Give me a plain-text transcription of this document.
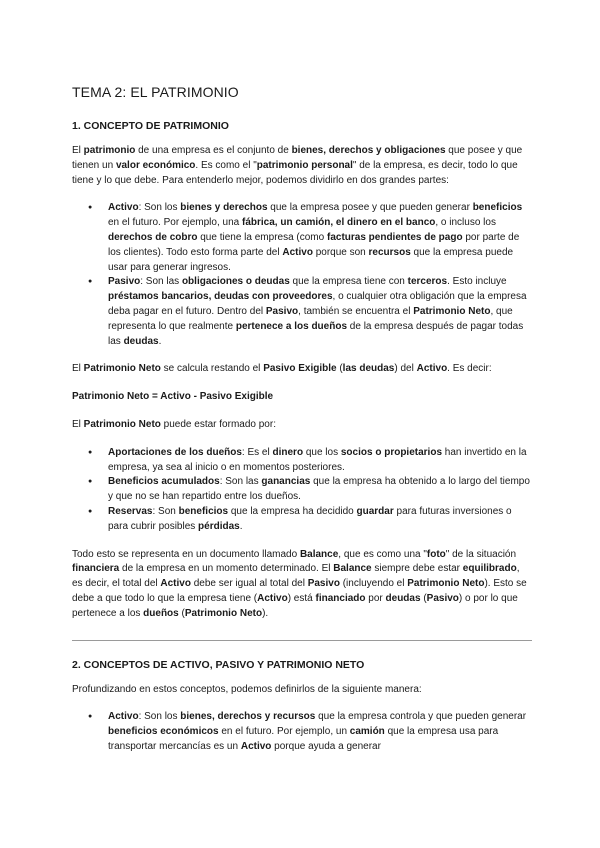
TEMA 2: EL PATRIMONIO
1. CONCEPTO DE PATRIMONIO

El patrimonio de una empresa es el conjunto de bienes, derechos y obligaciones que posee y que tienen un valor económico. Es como el "patrimonio personal" de la empresa, es decir, todo lo que tiene y lo que debe. Para entenderlo mejor, podemos dividirlo en dos grandes partes:

● Activo: Son los bienes y derechos que la empresa posee y que pueden generar beneficios en el futuro. Por ejemplo, una fábrica, un camión, el dinero en el banco, o incluso los derechos de cobro que tiene la empresa (como facturas pendientes de pago por parte de los clientes). Todo esto forma parte del Activo porque son recursos que la empresa puede usar para generar ingresos.
● Pasivo: Son las obligaciones o deudas que la empresa tiene con terceros. Esto incluye préstamos bancarios, deudas con proveedores, o cualquier otra obligación que la empresa deba pagar en el futuro. Dentro del Pasivo, también se encuentra el Patrimonio Neto, que representa lo que realmente pertenece a los dueños de la empresa después de pagar todas las deudas.

El Patrimonio Neto se calcula restando el Pasivo Exigible (las deudas) del Activo. Es decir:

Patrimonio Neto = Activo - Pasivo Exigible

El Patrimonio Neto puede estar formado por:

● Aportaciones de los dueños: Es el dinero que los socios o propietarios han invertido en la empresa, ya sea al inicio o en momentos posteriores.
● Beneficios acumulados: Son las ganancias que la empresa ha obtenido a lo largo del tiempo y que no se han repartido entre los dueños.
● Reservas: Son beneficios que la empresa ha decidido guardar para futuras inversiones o para cubrir posibles pérdidas.

Todo esto se representa en un documento llamado Balance, que es como una "foto" de la situación financiera de la empresa en un momento determinado. El Balance siempre debe estar equilibrado, es decir, el total del Activo debe ser igual al total del Pasivo (incluyendo el Patrimonio Neto). Esto se debe a que todo lo que la empresa tiene (Activo) está financiado por deudas (Pasivo) o por lo que pertenece a los dueños (Patrimonio Neto).

2. CONCEPTOS DE ACTIVO, PASIVO Y PATRIMONIO NETO

Profundizando en estos conceptos, podemos definirlos de la siguiente manera:

● Activo: Son los bienes, derechos y recursos que la empresa controla y que pueden generar beneficios económicos en el futuro. Por ejemplo, un camión que la empresa usa para transportar mercancías es un Activo porque ayuda a generar
